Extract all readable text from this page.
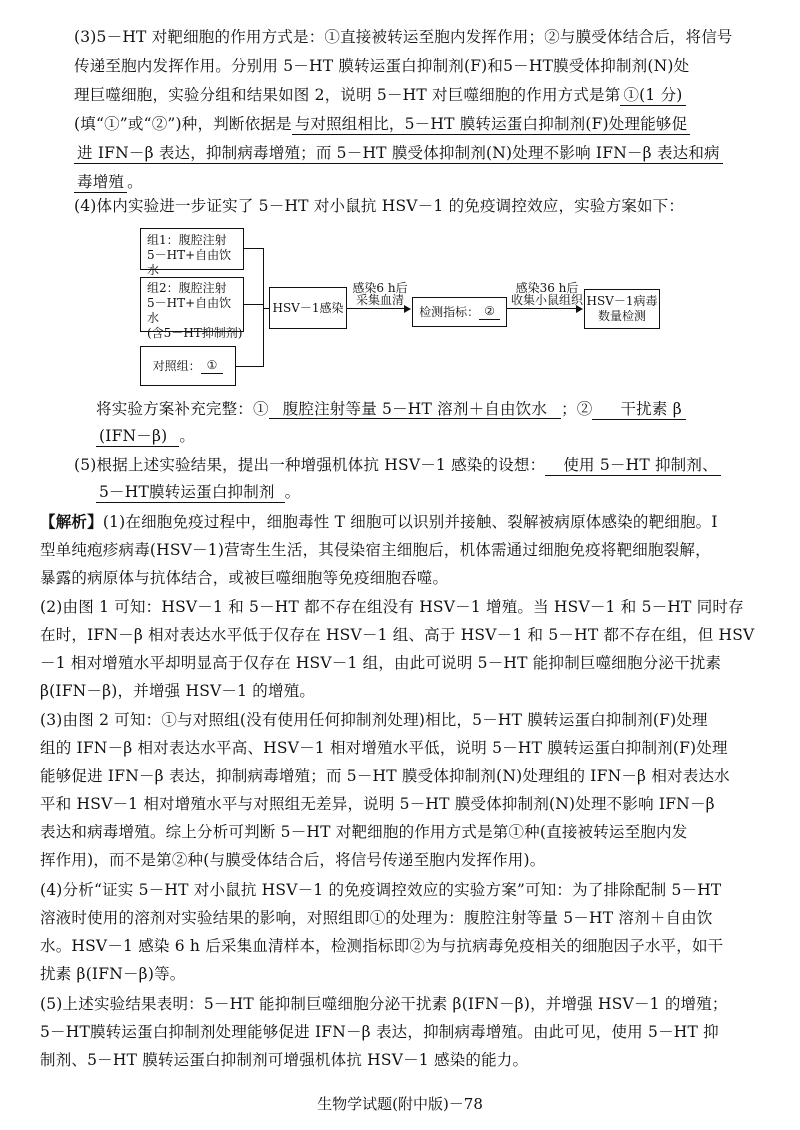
(3)5－HT 对靶细胞的作用方式是：①直接被转运至胞内发挥作用；②与膜受体结合后，将信号
传递至胞内发挥作用。分别用 5－HT 膜转运蛋白抑制剂(F)和5－HT膜受体抑制剂(N)处
理巨噬细胞，实验分组和结果如图 2，说明 5－HT 对巨噬细胞的作用方式是第 ①(1 分)
(填“①”或“②”)种，判断依据是 与对照组相比，5－HT 膜转运蛋白抑制剂(F)处理能够促
进 IFN－β 表达，抑制病毒增殖；而 5－HT 膜受体抑制剂(N)处理不影响 IFN－β 表达和病
毒增殖 。
(4)体内实验进一步证实了 5－HT 对小鼠抗 HSV－1 的免疫调控效应，实验方案如下：
组1：腹腔注射
5－HT+自由饮水
组2：腹腔注射
5－HT+自由饮水
(含5－HT抑制剂)
对照组： ①
HSV－1感染
感染6 h后
采集血清
检测指标： ②
感染36 h后
收集小鼠组织 HSV－1病毒
数量检测
将实验方案补充完整：① 腹腔注射等量 5－HT 溶剂＋自由饮水 ；② 干扰素 β
(IFN－β) 。
(5)根据上述实验结果，提出一种增强机体抗 HSV－1 感染的设想： 使用 5－HT 抑制剂、
5－HT膜转运蛋白抑制剂 。
【解析】(1)在细胞免疫过程中，细胞毒性 T 细胞可以识别并接触、裂解被病原体感染的靶细胞。Ⅰ
型单纯疱疹病毒(HSV－1)营寄生生活，其侵染宿主细胞后，机体需通过细胞免疫将靶细胞裂解，
暴露的病原体与抗体结合，或被巨噬细胞等免疫细胞吞噬。
(2)由图 1 可知：HSV－1 和 5－HT 都不存在组没有 HSV－1 增殖。当 HSV－1 和 5－HT 同时存
在时，IFN－β 相对表达水平低于仅存在 HSV－1 组、高于 HSV－1 和 5－HT 都不存在组，但 HSV
－1 相对增殖水平却明显高于仅存在 HSV－1 组，由此可说明 5－HT 能抑制巨噬细胞分泌干扰素
β(IFN－β)，并增强 HSV－1 的增殖。
(3)由图 2 可知：①与对照组(没有使用任何抑制剂处理)相比，5－HT 膜转运蛋白抑制剂(F)处理
组的 IFN－β 相对表达水平高、HSV－1 相对增殖水平低，说明 5－HT 膜转运蛋白抑制剂(F)处理
能够促进 IFN－β 表达，抑制病毒增殖；而 5－HT 膜受体抑制剂(N)处理组的 IFN－β 相对表达水
平和 HSV－1 相对增殖水平与对照组无差异，说明 5－HT 膜受体抑制剂(N)处理不影响 IFN－β
表达和病毒增殖。综上分析可判断 5－HT 对靶细胞的作用方式是第①种(直接被转运至胞内发
挥作用)，而不是第②种(与膜受体结合后，将信号传递至胞内发挥作用)。
(4)分析“证实 5－HT 对小鼠抗 HSV－1 的免疫调控效应的实验方案”可知：为了排除配制 5－HT
溶液时使用的溶剂对实验结果的影响，对照组即①的处理为：腹腔注射等量 5－HT 溶剂＋自由饮
水。HSV－1 感染 6 h 后采集血清样本，检测指标即②为与抗病毒免疫相关的细胞因子水平，如干
扰素 β(IFN－β)等。
(5)上述实验结果表明：5－HT 能抑制巨噬细胞分泌干扰素 β(IFN－β)，并增强 HSV－1 的增殖；
5－HT膜转运蛋白抑制剂处理能够促进 IFN－β 表达，抑制病毒增殖。由此可见，使用 5－HT 抑
制剂、5－HT 膜转运蛋白抑制剂可增强机体抗 HSV－1 感染的能力。
生物学试题(附中版)－78
